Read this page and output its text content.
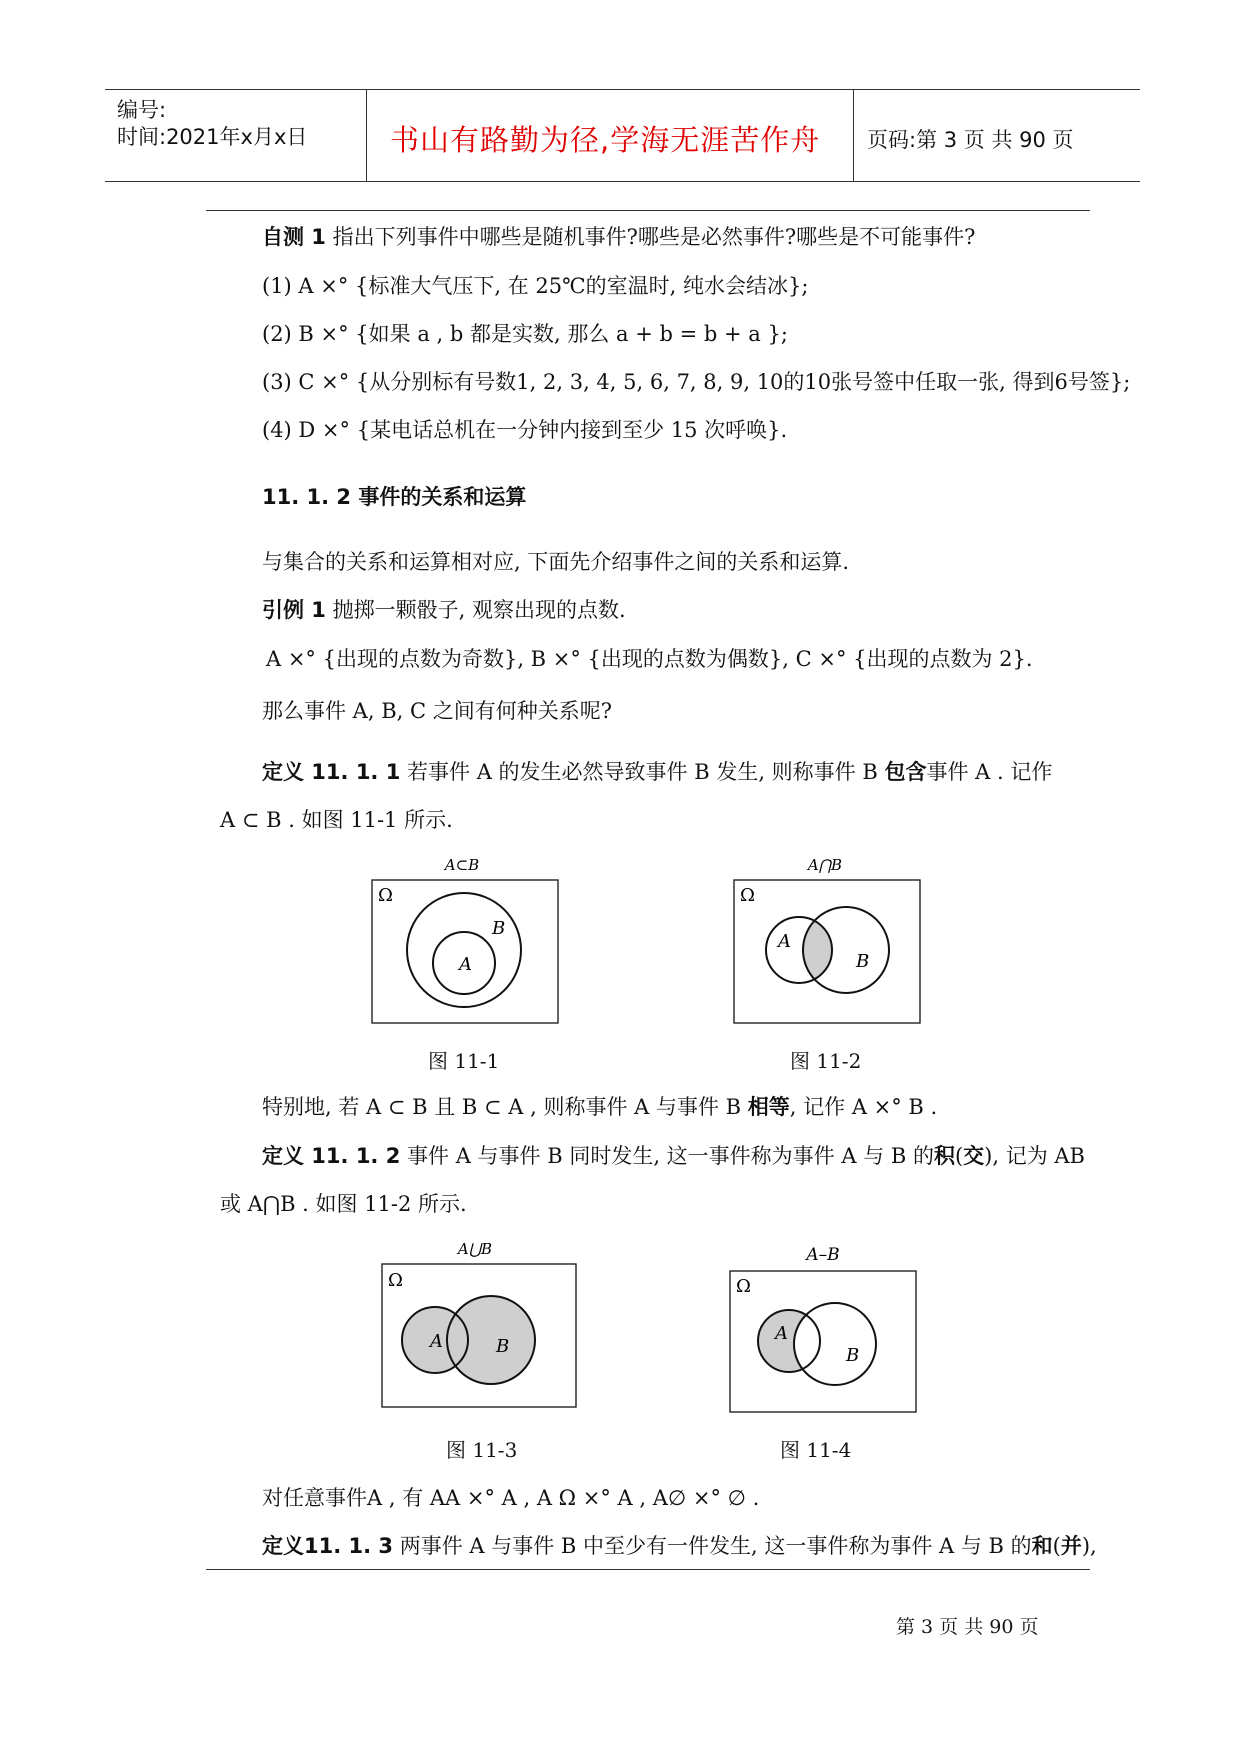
编号:
时间:2021年x月x日	书山有路勤为径,学海无涯苦作舟 页码:第 3 页 共 90 页
自测 1 指出下列事件中哪些是随机事件?哪些是必然事件?哪些是不可能事件?
(1) A ×° {标准大气压下, 在 25℃的室温时, 纯水会结冰};
(2) B ×° {如果 a , b 都是实数, 那么 a + b = b + a };
(3) C ×° {从分别标有号数1, 2, 3, 4, 5, 6, 7, 8, 9, 10的10张号签中任取一张, 得到6号签};
(4) D ×° {某电话总机在一分钟内接到至少 15 次呼唤}.
11. 1. 2 事件的关系和运算
与集合的关系和运算相对应, 下面先介绍事件之间的关系和运算.
引例 1 抛掷一颗骰子, 观察出现的点数.
A ×° {出现的点数为奇数}, B ×° {出现的点数为偶数}, C ×° {出现的点数为 2}.
那么事件 A, B, C 之间有何种关系呢?
定义 11. 1. 1 若事件 A 的发生必然导致事件 B 发生, 则称事件 B 包含事件 A . 记作
A ⊂ B . 如图 11-1 所示.
A⊂B
Ω
B
A
A⋂B
Ω
A
B
图 11-1	图 11-2
特别地, 若 A ⊂ B 且 B ⊂ A , 则称事件 A 与事件 B 相等, 记作 A ×° B .
定义 11. 1. 2 事件 A 与事件 B 同时发生, 这一事件称为事件 A 与 B 的积(交), 记为 AB
或 A⋂B . 如图 11-2 所示.
A⋃B
Ω
A	B
A–B
Ω
A
B
图 11-3	图 11-4
对任意事件A , 有 AA ×° A , A Ω ×° A , A∅ ×° ∅ .
定义11. 1. 3 两事件 A 与事件 B 中至少有一件发生, 这一事件称为事件 A 与 B 的和(并),
第 3 页 共 90 页
